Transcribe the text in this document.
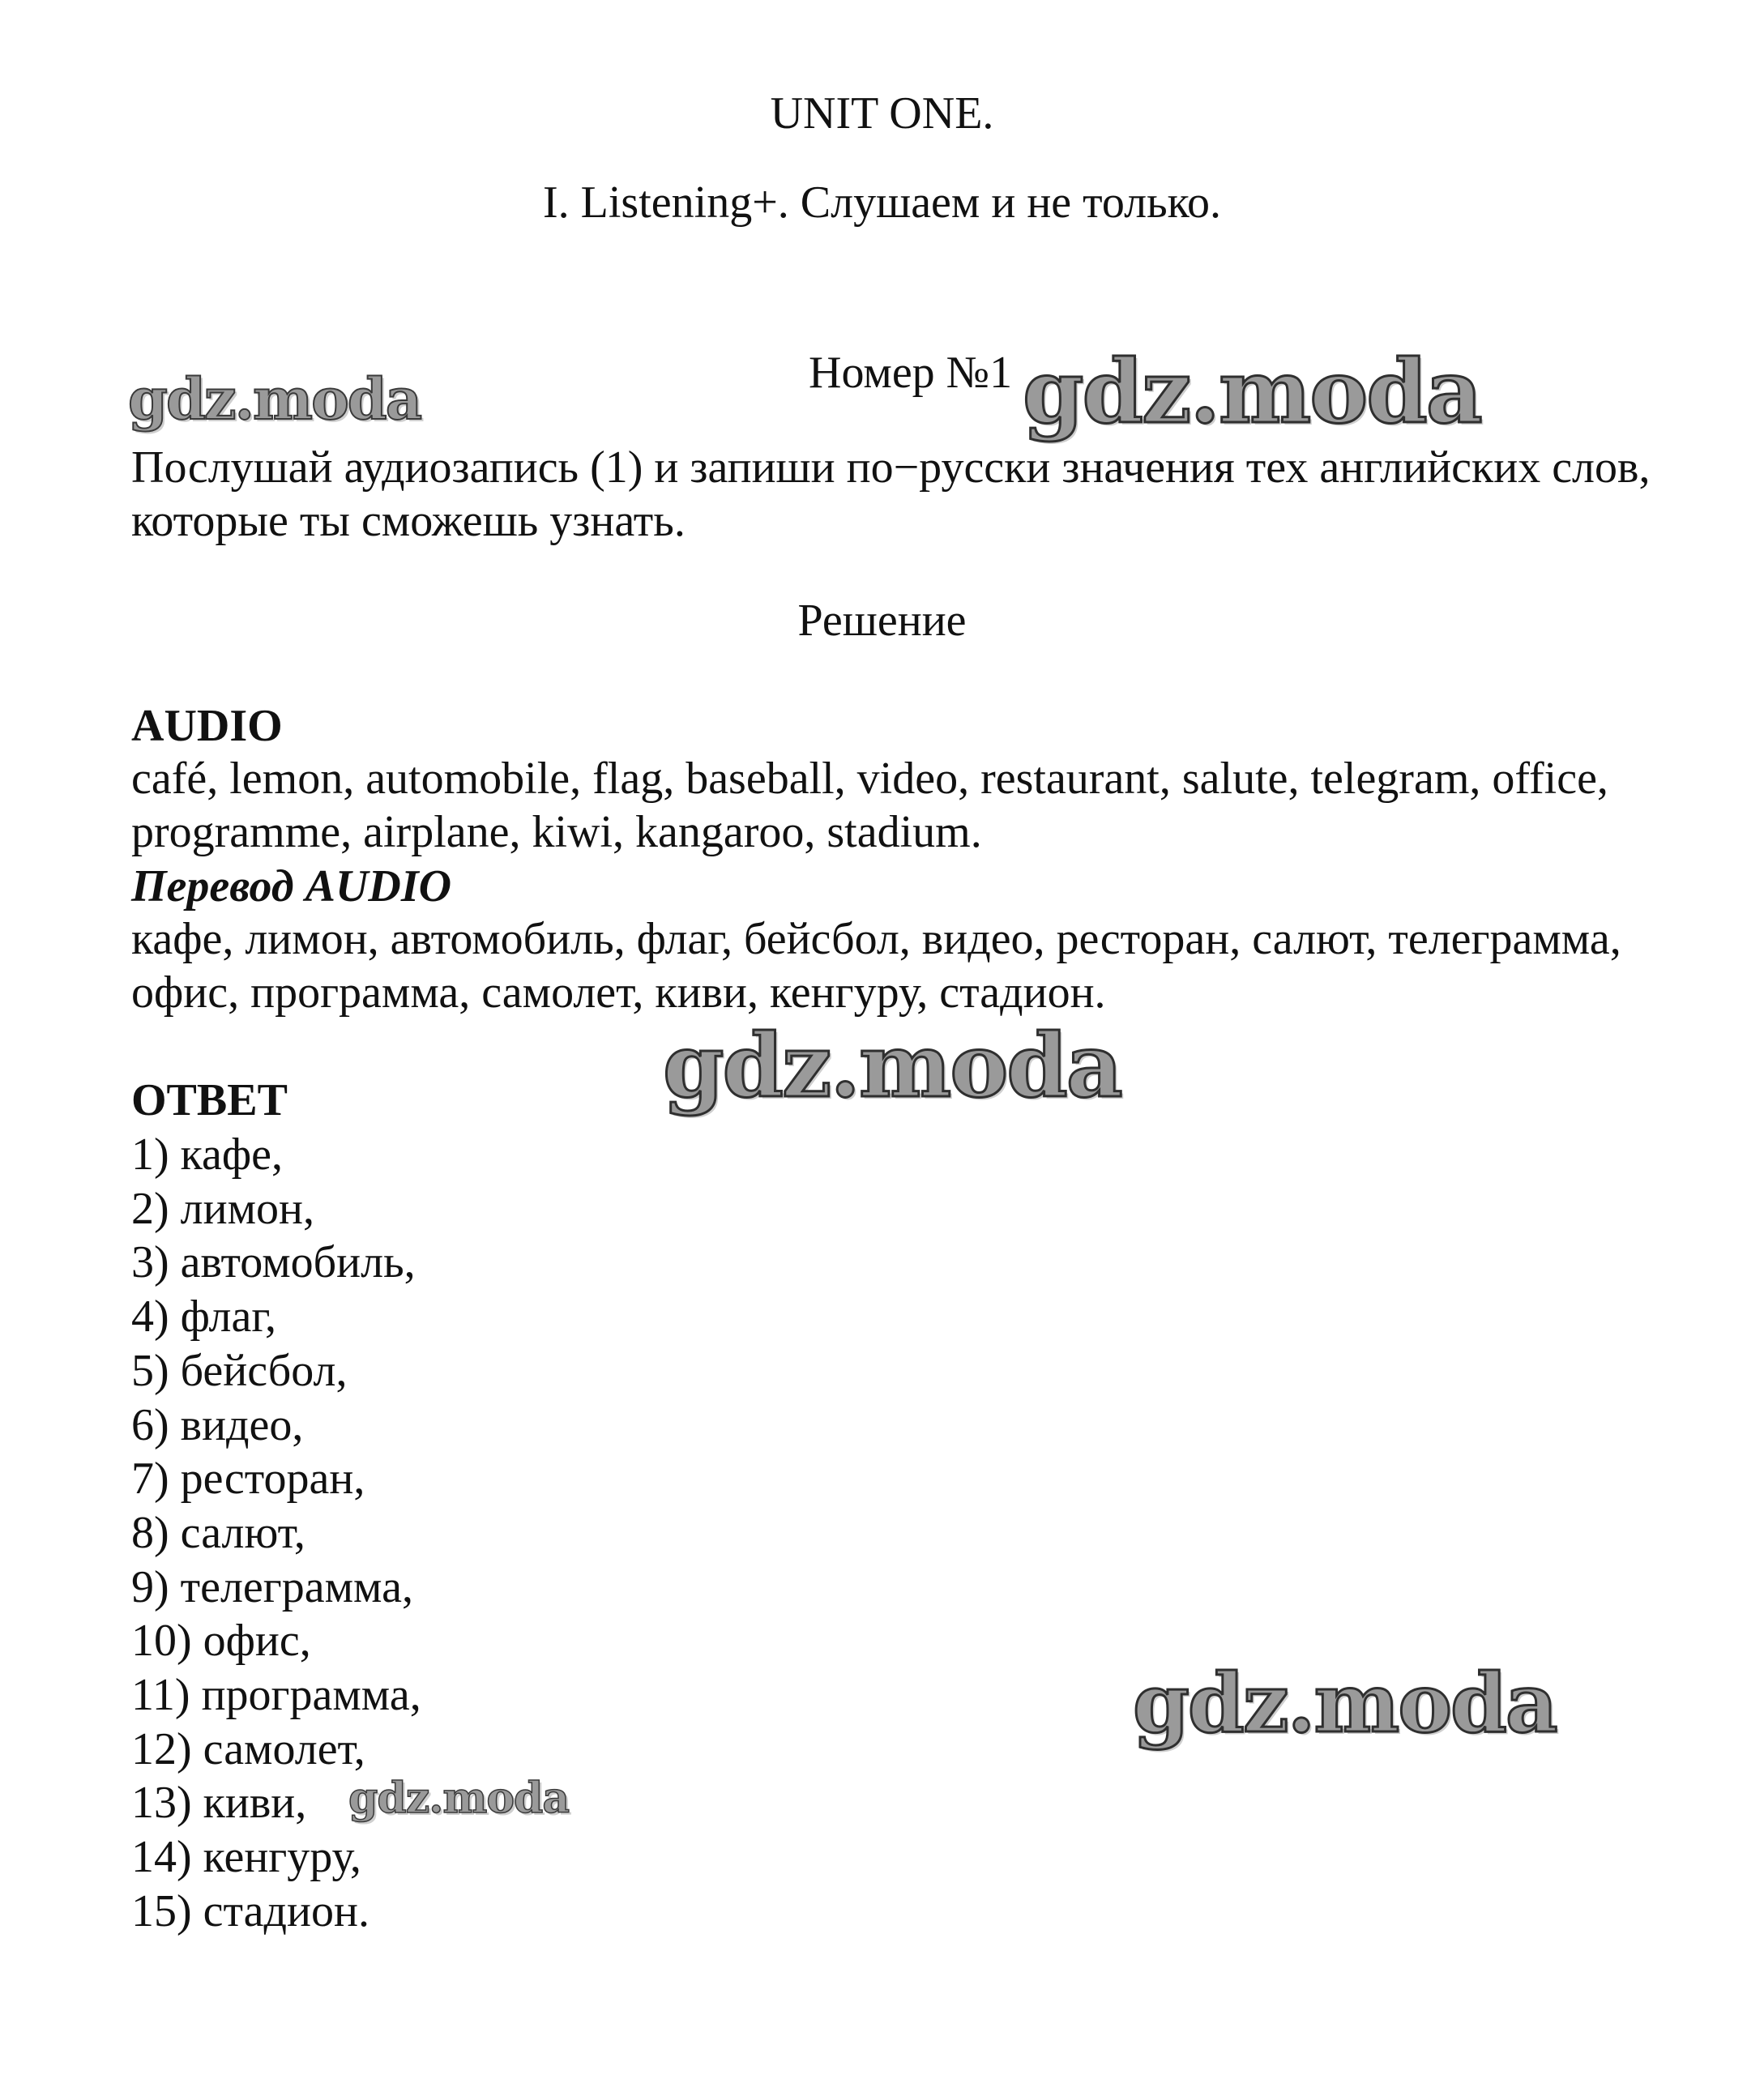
UNIT ONE.
I. Listening+. Слушаем и не только.
Номер №1
Послушай аудиозапись (1) и запиши по−русски значения тех английских слов, которые ты сможешь узнать.
Решение
AUDIO
café, lemon, automobile, flag, baseball, video, restaurant, salute, telegram, office, programme, airplane, kiwi, kangaroo, stadium.
Перевод AUDIO
кафе, лимон, автомобиль, флаг, бейсбол, видео, ресторан, салют, телеграмма, офис, программа, самолет, киви, кенгуру, стадион.
ОТВЕТ
1) кафе,
2) лимон,
3) автомобиль,
4) флаг,
5) бейсбол,
6) видео,
7) ресторан,
8) салют,
9) телеграмма,
10) офис,
11) программа,
12) самолет,
13) киви,
14) кенгуру,
15) стадион.
gdz.moda	gdz.moda
gdz.moda
gdz.moda
gdz.moda
